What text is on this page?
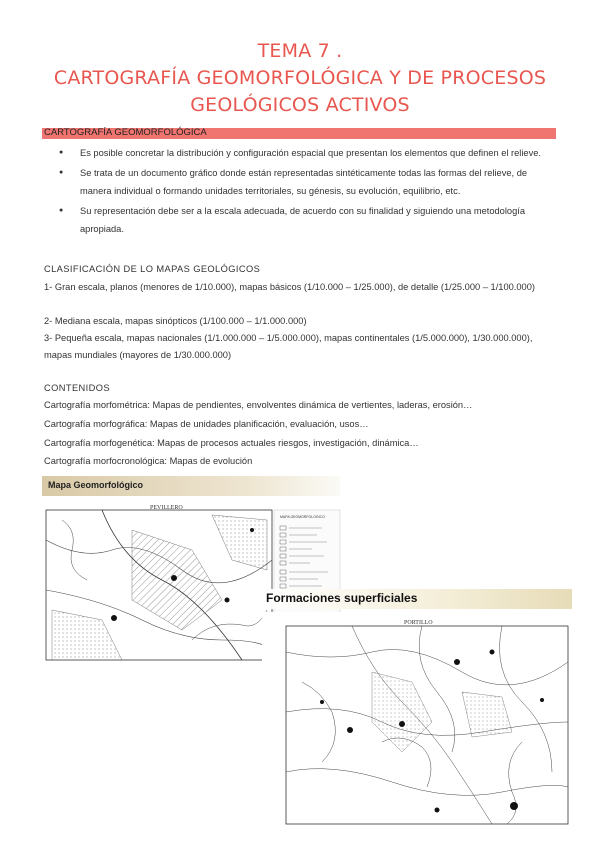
TEMA 7 .
CARTOGRAFÍA GEOMORFOLÓGICA Y DE PROCESOS
GEOLÓGICOS ACTIVOS
CARTOGRAFÍA GEOMORFOLÓGICA
● Es posible concretar la distribución y configuración espacial que presentan los elementos que definen el relieve.
● Se trata de un documento gráfico donde están representadas sintéticamente todas las formas del relieve, de manera individual o formando unidades territoriales, su génesis, su evolución, equilibrio, etc.
● Su representación debe ser a la escala adecuada, de acuerdo con su finalidad y siguiendo una metodología apropiada.
CLASIFICACIÓN DE LO MAPAS GEOLÓGICOS
1- Gran escala, planos (menores de 1/10.000), mapas básicos (1/10.000 – 1/25.000), de detalle (1/25.000 – 1/100.000)
2- Mediana escala, mapas sinópticos (1/100.000 – 1/1.000.000)
3- Pequeña escala, mapas nacionales (1/1.000.000 – 1/5.000.000), mapas continentales (1/5.000.000), 1/30.000.000), mapas mundiales (mayores de 1/30.000.000)
CONTENIDOS
Cartografía morfométrica: Mapas de pendientes, envolventes dinámica de vertientes, laderas, erosión…
Cartografía morfográfica: Mapas de unidades planificación, evaluación, usos…
Cartografía morfogenética: Mapas de procesos actuales riesgos, investigación, dinámica…
Cartografía morfocronológica: Mapas de evolución
Mapa Geomorfológico
PEVILLERO
MAPA GEOMORFOLOGICO
Formaciones superficiales
PORTILLO
